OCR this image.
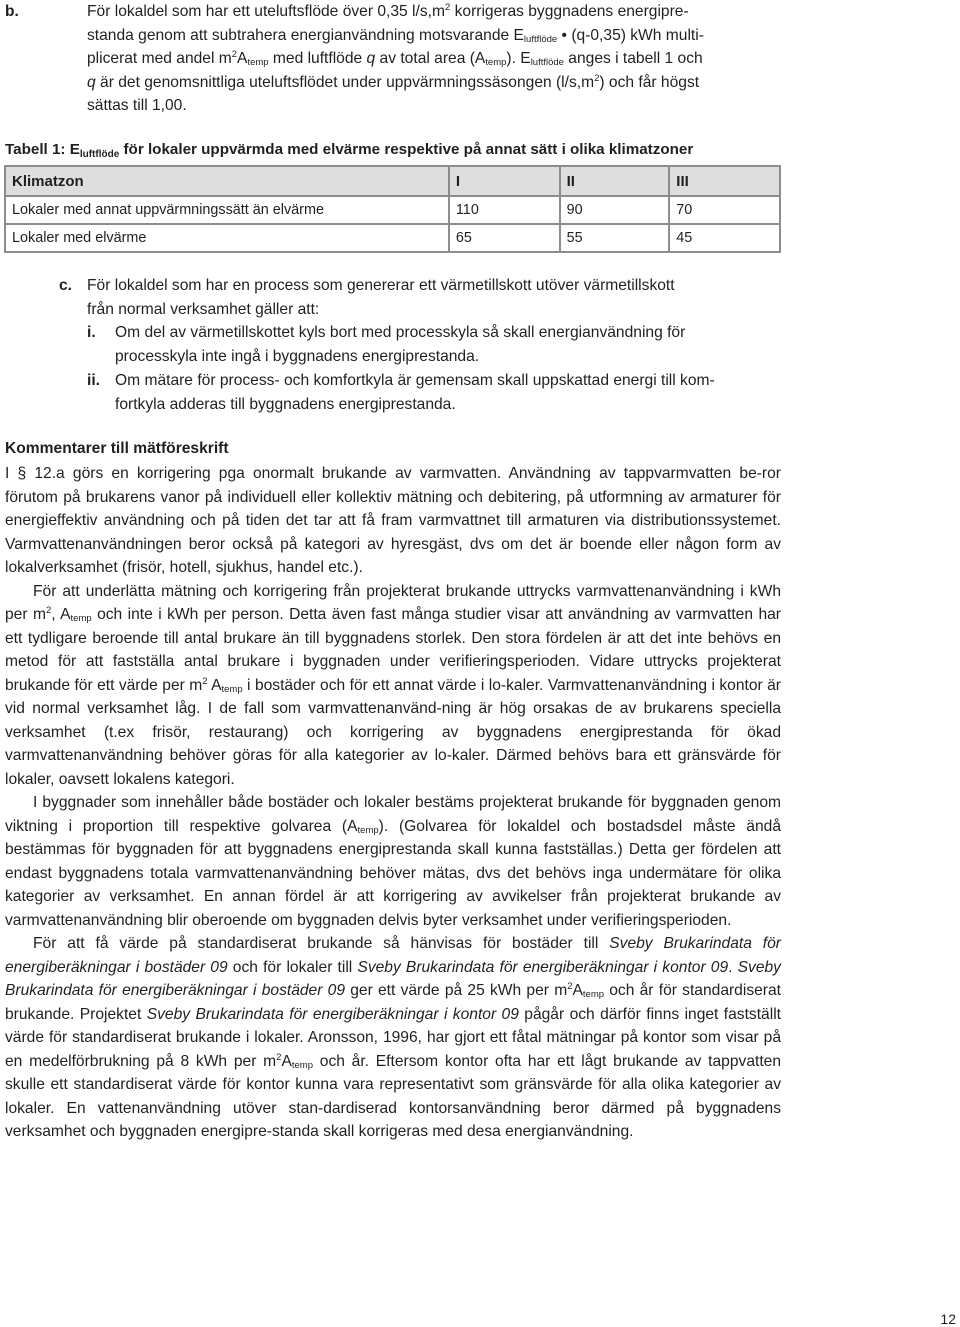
b.	För lokaldel som har ett uteluftsflöde över 0,35 $l/s,m^2$ korrigeras byggnadens energipre-
standa genom att subtrahera energianvändning motsvarande $E_{luftflöde}$ • (q-0,35) kWh multi-
plicerat med andel $m^2A_{temp}$ med luftflöde q av total area $(A_{temp})$. $E_{luftflöde}$ anges i tabell 1 och
q är det genomsnittliga uteluftsflödet under uppvärmningssäsongen $(l/s,m^2)$ och får högst
sättas till 1,00.
Tabell 1: Eluftflöde för lokaler uppvärmda med elvärme respektive på annat sätt i olika klimatzoner
Klimatzon	I	II	III
Lokaler med annat uppvärmningssätt än elvärme	110	90	70
Lokaler med elvärme	65	55	45
c. För lokaldel som har en process som genererar ett värmetillskott utöver värmetillskott
från normal verksamhet gäller att:
i. Om del av värmetillskottet kyls bort med processkyla så skall energianvändning för
processkyla inte ingå i byggnadens energiprestanda.
ii. Om mätare för process- och komfortkyla är gemensam skall uppskattad energi till kom-
fortkyla adderas till byggnadens energiprestanda.
Kommentarer till mätföreskrift

I § 12.a görs en korrigering pga onormalt brukande av varmvatten. Användning av tappvarmvatten be-ror förutom på brukarens vanor på individuell eller kollektiv mätning och debitering, på utformning av armaturer för energieffektiv användning och på tiden det tar att få fram varmvattnet till armaturen via distributionssystemet. Varmvattenanvändningen beror också på kategori av hyresgäst, dvs om det är boende eller någon form av lokalverksamhet (frisör, hotell, sjukhus, handel etc.).

För att underlätta mätning och korrigering från projekterat brukande uttrycks varmvattenanvändning i kWh per $m^2$, $A_{temp}$ och inte i kWh per person. Detta även fast många studier visar att användning av varmvatten har ett tydligare beroende till antal brukare än till byggnadens storlek. Den stora fördelen är att det inte behövs en metod för att fastställa antal brukare i byggnaden under verifieringsperioden. Vidare uttrycks projekterat brukande för ett värde per $m^2$ $A_{temp}$ i bostäder och för ett annat värde i lo-kaler. Varmvattenanvändning i kontor är vid normal verksamhet låg. I de fall som varmvattenanvänd-ning är hög orsakas de av brukarens speciella verksamhet (t.ex frisör, restaurang) och korrigering av byggnadens energiprestanda för ökad varmvattenanvändning behöver göras för alla kategorier av lo-kaler. Därmed behövs bara ett gränsvärde för lokaler, oavsett lokalens kategori.

I byggnader som innehåller både bostäder och lokaler bestäms projekterat brukande för byggnaden genom viktning i proportion till respektive golvarea $(A_{temp})$. (Golvarea för lokaldel och bostadsdel måste ändå bestämmas för byggnaden för att byggnadens energiprestanda skall kunna fastställas.) Detta ger fördelen att endast byggnadens totala varmvattenanvändning behöver mätas, dvs det behövs inga undermätare för olika kategorier av verksamhet. En annan fördel är att korrigering av avvikelser från projekterat brukande av varmvattenanvändning blir oberoende om byggnaden delvis byter verksamhet under verifieringsperioden.

För att få värde på standardiserat brukande så hänvisas för bostäder till Sveby Brukarindata för energiberäkningar i bostäder 09 och för lokaler till Sveby Brukarindata för energiberäkningar i kontor 09. Sveby Brukarindata för energiberäkningar i bostäder 09 ger ett värde på 25 kWh per $m^2A_{temp}$ och år för standardiserat brukande. Projektet Sveby Brukarindata för energiberäkningar i kontor 09 pågår och därför finns inget fastställt värde för standardiserat brukande i lokaler. Aronsson, 1996, har gjort ett fåtal mätningar på kontor som visar på en medelförbrukning på 8 kWh per $m^2A_{temp}$ och år. Eftersom kontor ofta har ett lågt brukande av tappvatten skulle ett standardiserat värde för kontor kunna vara representativt som gränsvärde för alla olika kategorier av lokaler. En vattenanvändning utöver stan-dardiserad kontorsanvändning beror därmed på byggnadens verksamhet och byggnaden energipre-standa skall korrigeras med desa energianvändning.

12
